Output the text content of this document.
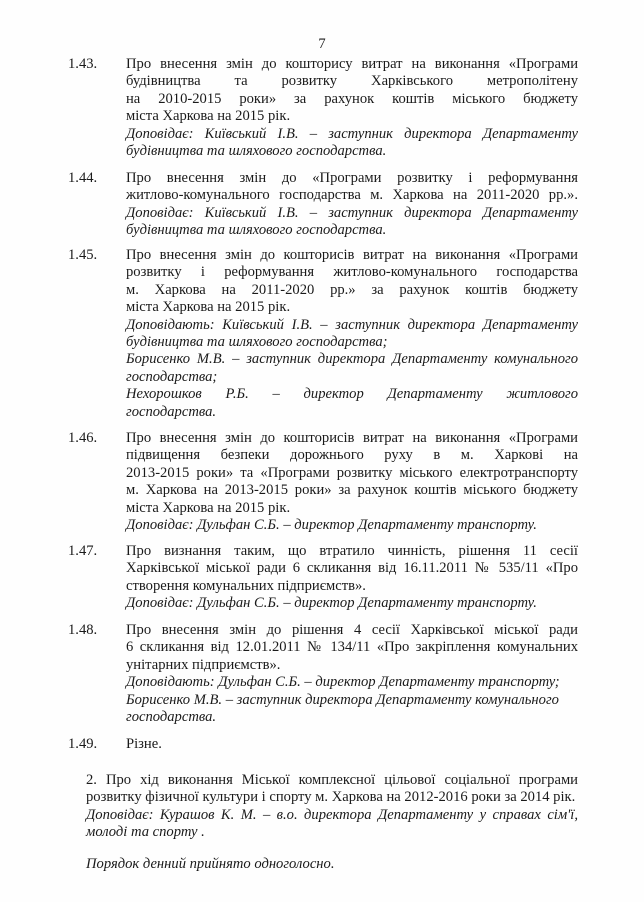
7
1.43. Про внесення змін до кошторису витрат на виконання «Програми
будівництва та розвитку Харківського метрополітену
на 2010-2015 роки» за рахунок коштів міського бюджету
міста Харкова на 2015 рік.
Доповідає: Київський І.В. – заступник директора Департаменту
будівництва та шляхового господарства.
1.44. Про внесення змін до «Програми розвитку і реформування
житлово-комунального господарства м. Харкова на 2011-2020 рр.».
Доповідає: Київський І.В. – заступник директора Департаменту
будівництва та шляхового господарства.
1.45. Про внесення змін до кошторисів витрат на виконання «Програми
розвитку і реформування житлово-комунального господарства
м. Харкова на 2011-2020 рр.» за рахунок коштів бюджету
міста Харкова на 2015 рік.
Доповідають: Київський І.В. – заступник директора Департаменту
будівництва та шляхового господарства;
Борисенко М.В. – заступник директора Департаменту комунального
господарства;
Нехорошков Р.Б. – директор Департаменту житлового
господарства.
1.46. Про внесення змін до кошторисів витрат на виконання «Програми
підвищення безпеки дорожнього руху в м. Харкові на
2013-2015 роки» та «Програми розвитку міського електротранспорту
м. Харкова на 2013-2015 роки» за рахунок коштів міського бюджету
міста Харкова на 2015 рік.
Доповідає: Дульфан С.Б. – директор Департаменту транспорту.
1.47. Про визнання таким, що втратило чинність, рішення 11 сесії
Харківської міської ради 6 скликання від 16.11.2011 № 535/11 «Про
створення комунальних підприємств».
Доповідає: Дульфан С.Б. – директор Департаменту транспорту.
1.48. Про внесення змін до рішення 4 сесії Харківської міської ради
6 скликання від 12.01.2011 № 134/11 «Про закріплення комунальних
унітарних підприємств».
Доповідають: Дульфан С.Б. – директор Департаменту транспорту;
Борисенко М.В. – заступник директора Департаменту комунального
господарства.
1.49. Різне.
2. Про хід виконання Міської комплексної цільової соціальної програми
розвитку фізичної культури і спорту м. Харкова на 2012-2016 роки за 2014 рік.
Доповідає: Курашов К. М. – в.о. директора Департаменту у справах сім'ї,
молоді та спорту .
Порядок денний прийнято одноголосно.
